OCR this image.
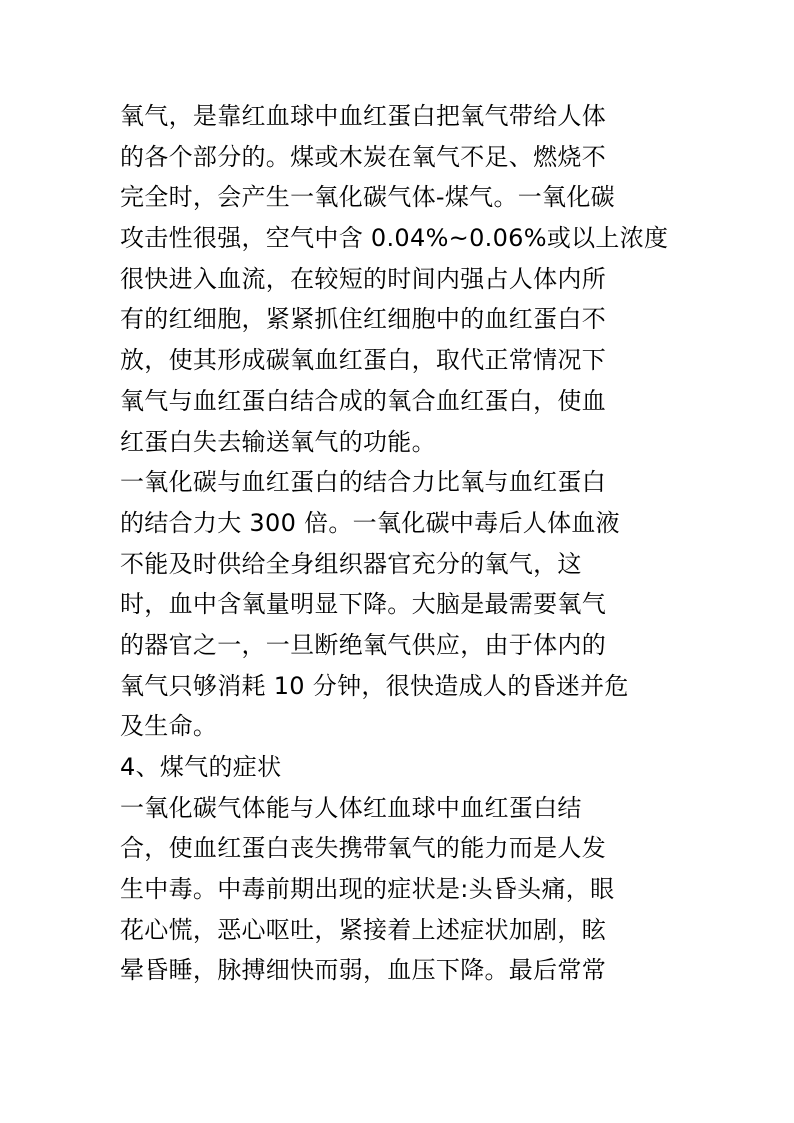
氧气，是靠红血球中血红蛋白把氧气带给人体
的各个部分的。煤或木炭在氧气不足、燃烧不
完全时，会产生一氧化碳气体-煤气。一氧化碳
攻击性很强，空气中含 0.04%~0.06%或以上浓度
很快进入血流，在较短的时间内强占人体内所
有的红细胞，紧紧抓住红细胞中的血红蛋白不
放，使其形成碳氧血红蛋白，取代正常情况下
氧气与血红蛋白结合成的氧合血红蛋白，使血
红蛋白失去输送氧气的功能。
一氧化碳与血红蛋白的结合力比氧与血红蛋白
的结合力大 300 倍。一氧化碳中毒后人体血液
不能及时供给全身组织器官充分的氧气，这
时，血中含氧量明显下降。大脑是最需要氧气
的器官之一，一旦断绝氧气供应，由于体内的
氧气只够消耗 10 分钟，很快造成人的昏迷并危
及生命。
4、煤气的症状
一氧化碳气体能与人体红血球中血红蛋白结
合，使血红蛋白丧失携带氧气的能力而是人发
生中毒。中毒前期出现的症状是:头昏头痛，眼
花心慌，恶心呕吐，紧接着上述症状加剧，眩
晕昏睡，脉搏细快而弱，血压下降。最后常常
